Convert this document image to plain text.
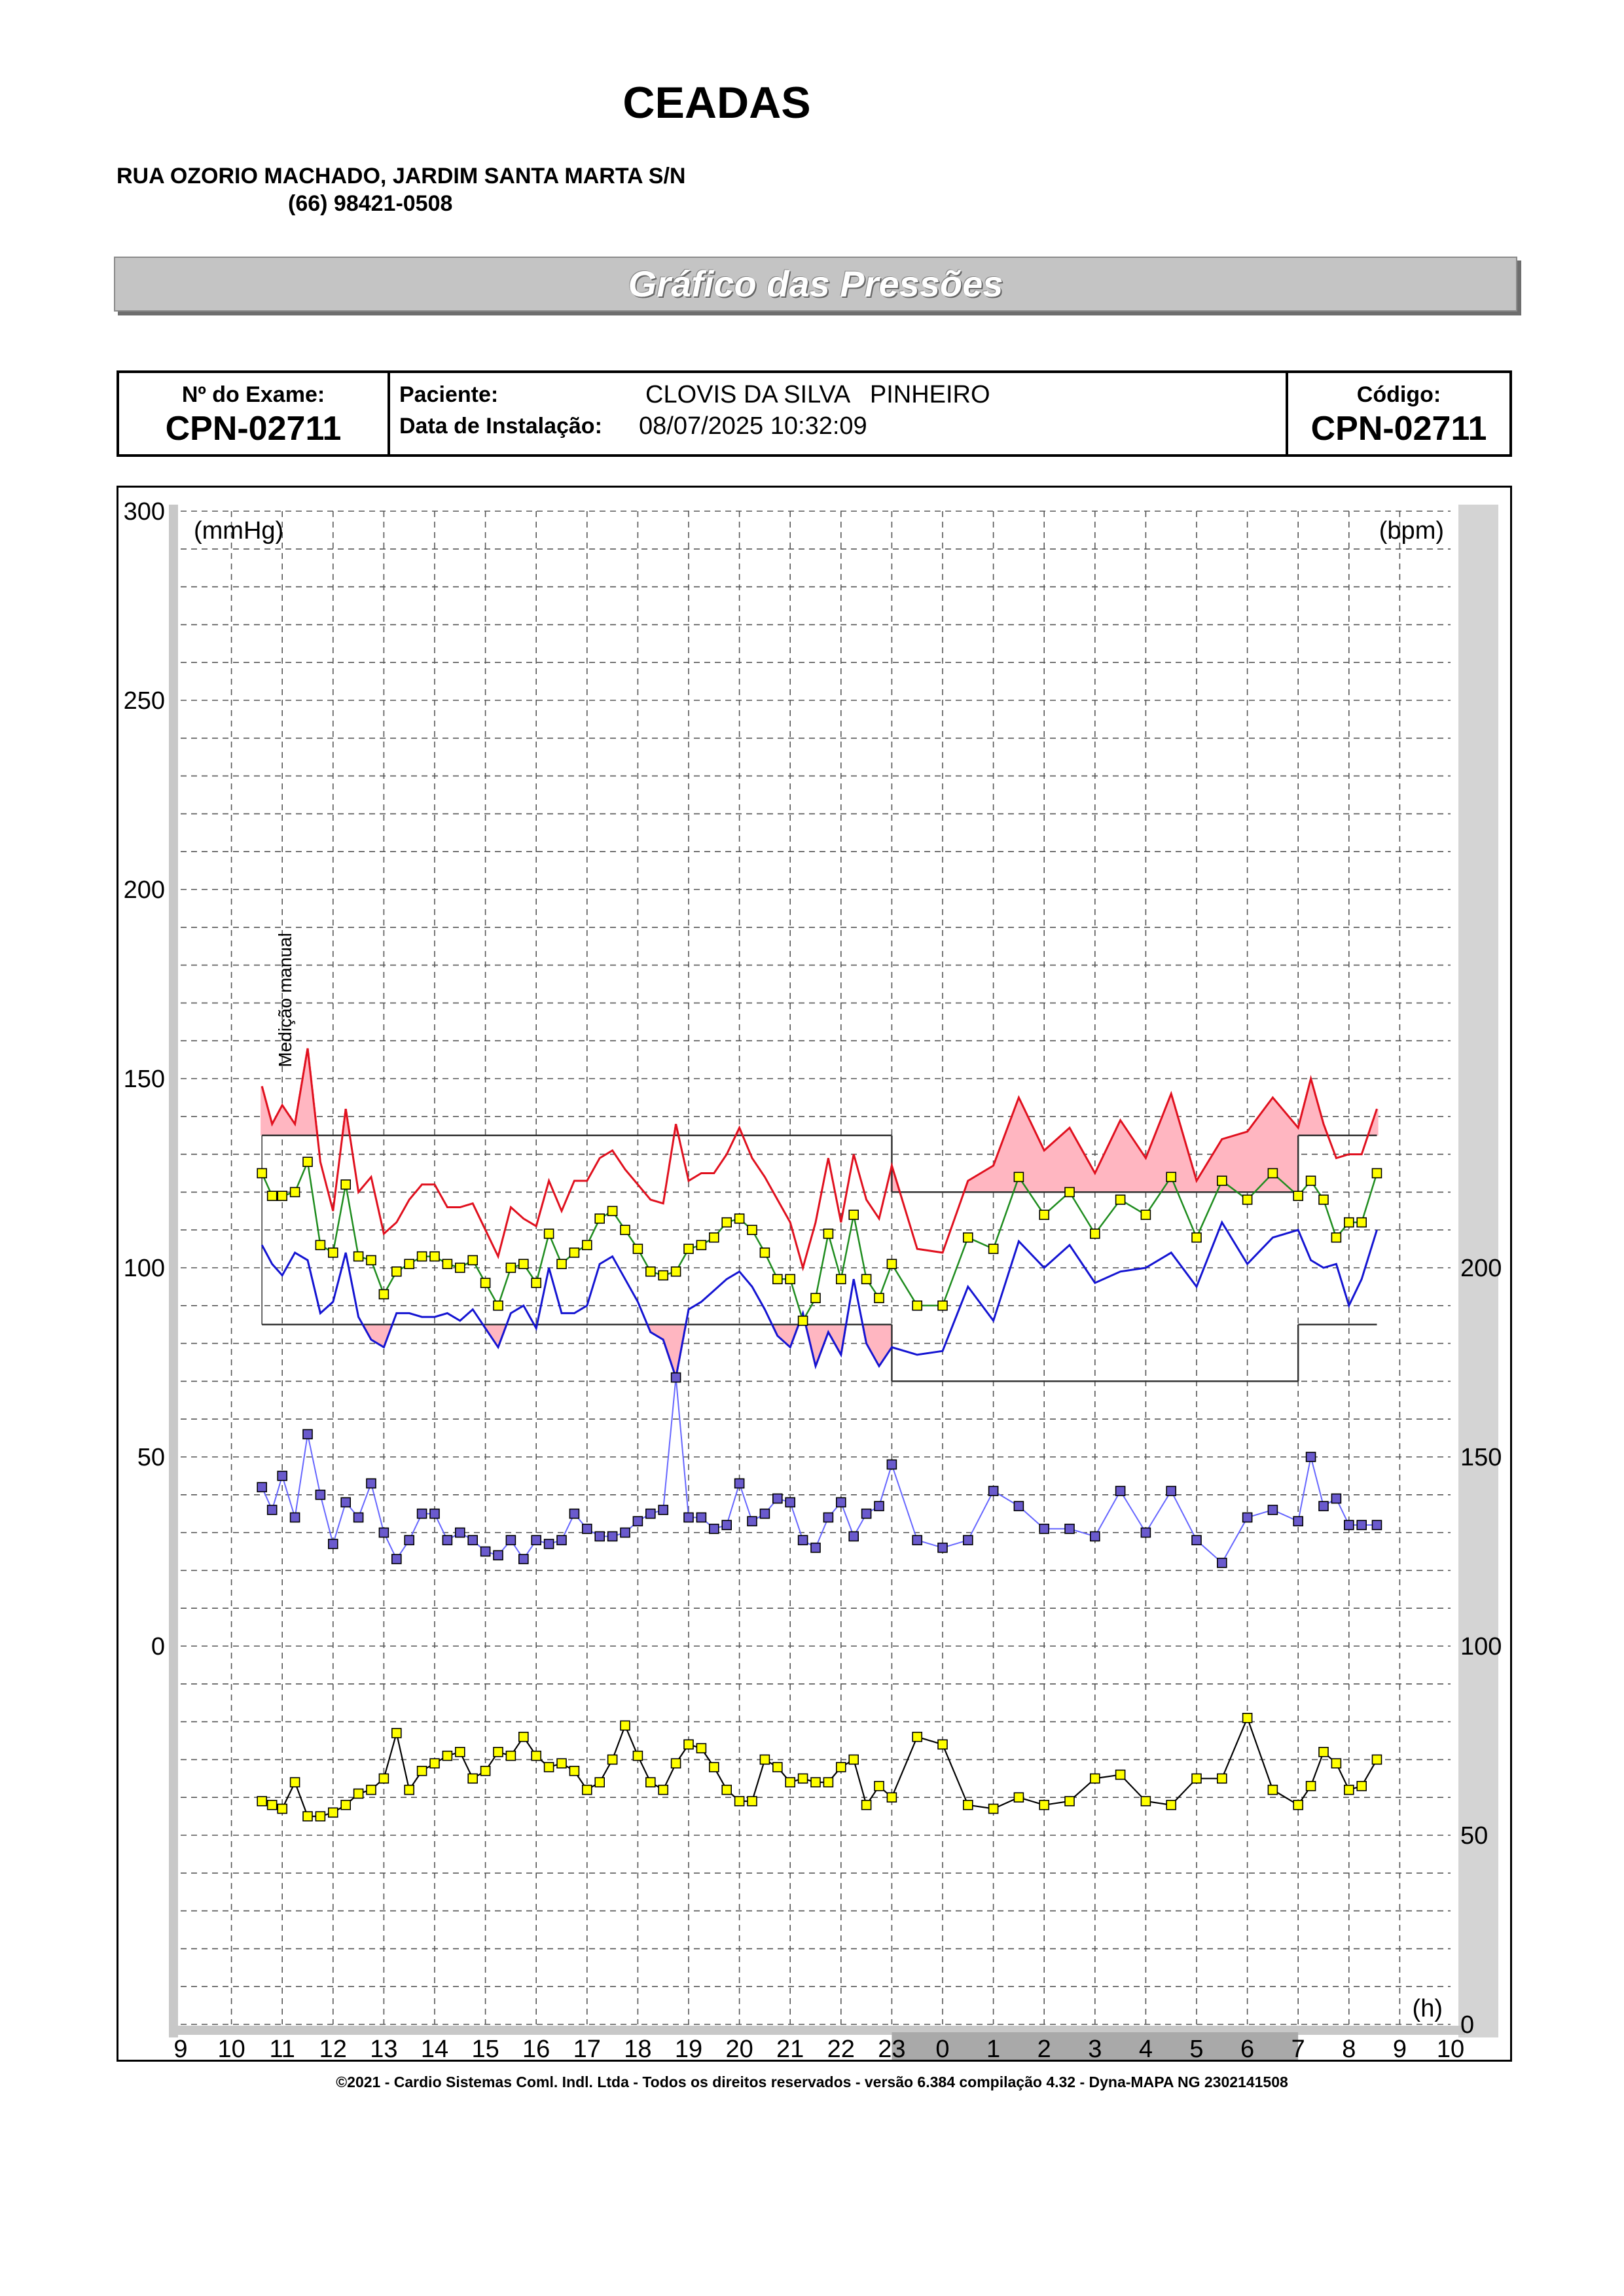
CEADAS
RUA OZORIO MACHADO, JARDIM SANTA MARTA S/N
(66) 98421-0508
Gráfico das Pressões
Nº do Exame:
CPN-02711
Paciente:	CLOVIS DA SILVA   PINHEIRO
Data de Instalação: 08/07/2025 10:32:09
Código:
CPN-02711
0
50
100
150
200
250
300
0
50
100
150
200
9 10 11 12 13 14 15 16 17 18 19 20 21 22 23 0 1 2 3 4 5 6 7 8 9 10
(mmHg)	(bpm)
(h)
Medição manual
©2021 - Cardio Sistemas Coml. Indl. Ltda - Todos os direitos reservados - versão 6.384 compilação 4.32 - Dyna-MAPA NG 2302141508
